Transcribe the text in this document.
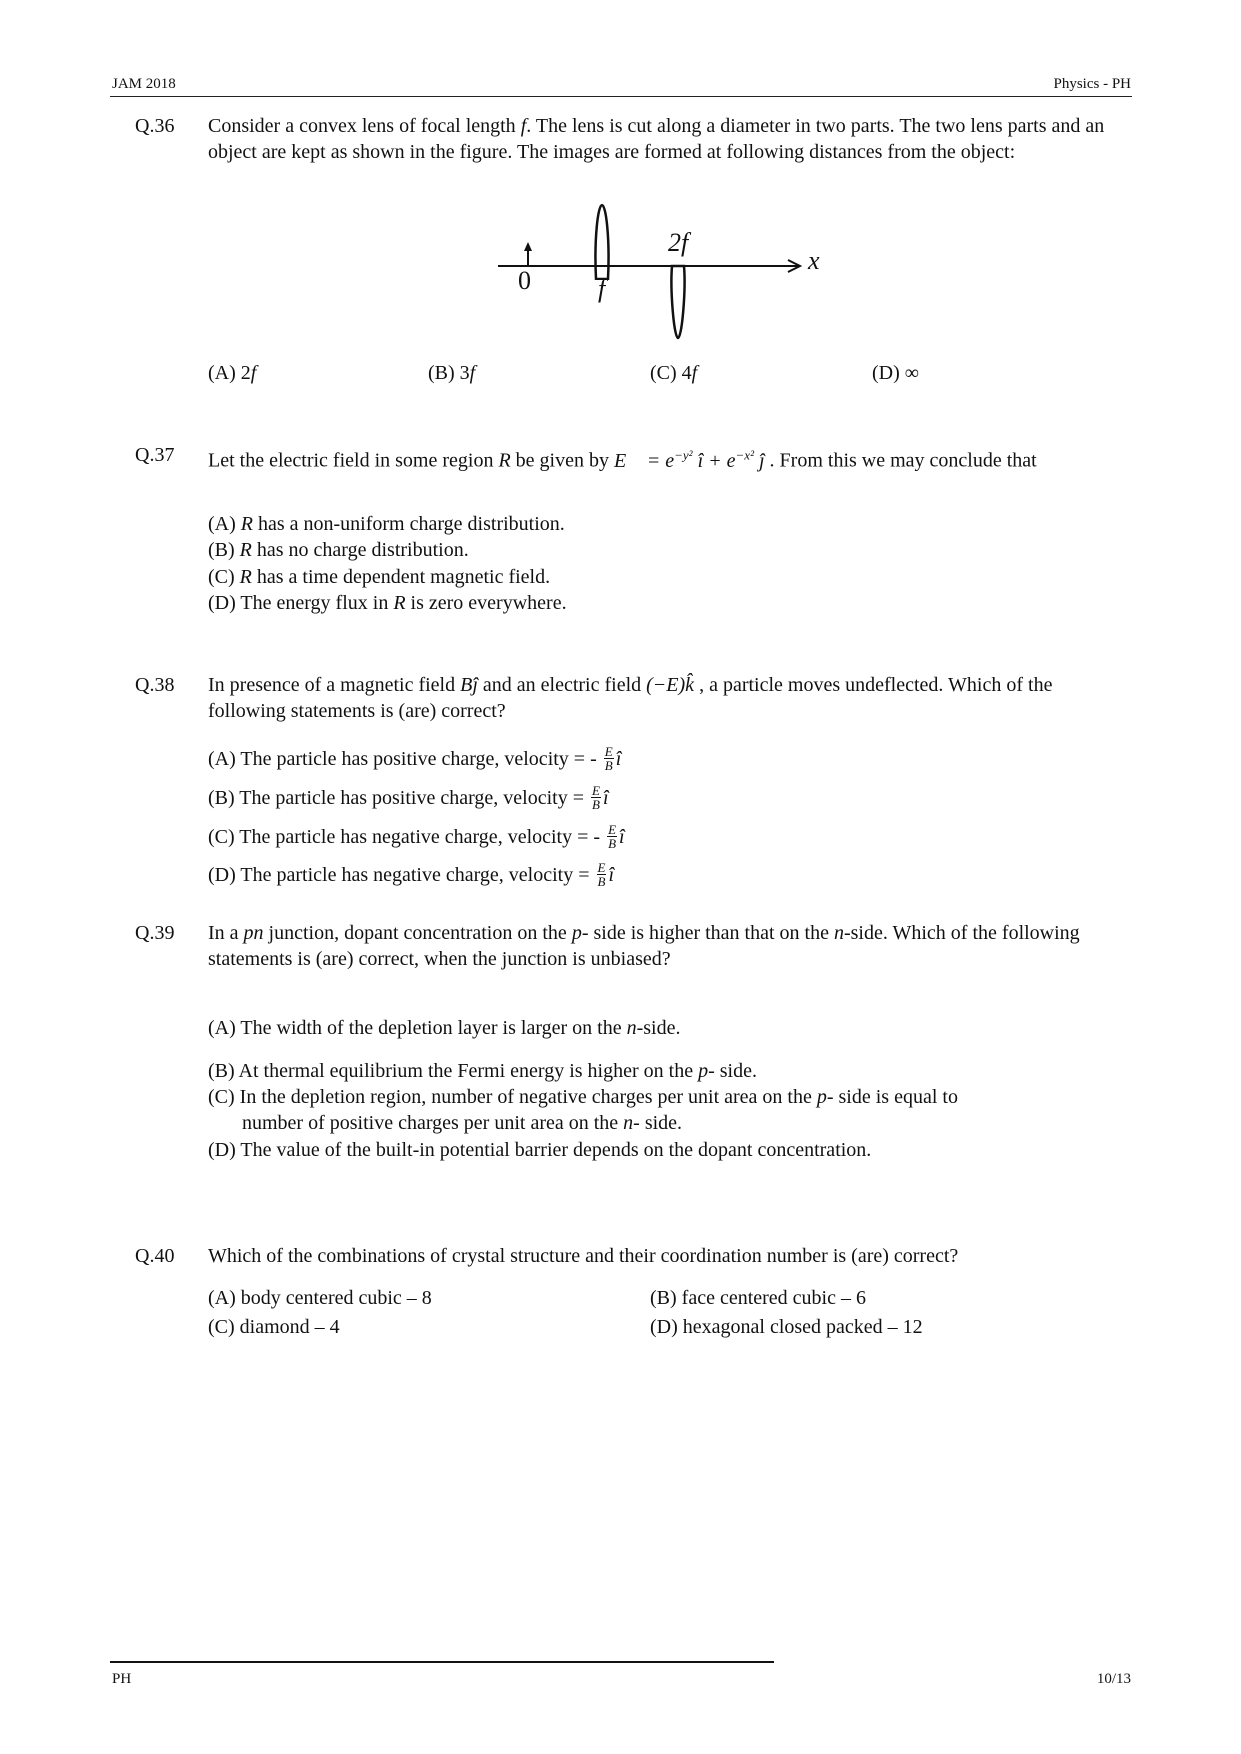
JAM 2018	Physics - PH
Q.36 Consider a convex lens of focal length f. The lens is cut along a diameter in two parts. The two lens parts and an object are kept as shown in the figure. The images are formed at following distances from the object:
0	f
2f
x
(A) 2f	(B) 3f	(C) 4f	(D) ∞
Q.37 Let the electric field in some region R be given by E⃗ = $e^{-y^2}$ î + $e^{-x^2}$ ĵ . From this we may conclude that
(A) R has a non-uniform charge distribution.
(B) R has no charge distribution.
(C) R has a time dependent magnetic field.
(D) The energy flux in R is zero everywhere.
Q.38 In presence of a magnetic field Bĵ and an electric field (−E)k̂ , a particle moves undeflected. Which of the following statements is (are) correct?
(A) The particle has positive charge, velocity = - $\frac{E}{B}$ î
(B) The particle has positive charge, velocity = $\frac{E}{B}$ î
(C) The particle has negative charge, velocity = - $\frac{E}{B}$ î
(D) The particle has negative charge, velocity = $\frac{E}{B}$ î
Q.39 In a pn junction, dopant concentration on the p- side is higher than that on the n-side. Which of the following statements is (are) correct, when the junction is unbiased?
(A) The width of the depletion layer is larger on the n-side.
(B) At thermal equilibrium the Fermi energy is higher on the p- side.
(C) In the depletion region, number of negative charges per unit area on the p- side is equal to
number of positive charges per unit area on the n- side.
(D) The value of the built-in potential barrier depends on the dopant concentration.
Q.40 Which of the combinations of crystal structure and their coordination number is (are) correct?
(A) body centered cubic – 8	(B) face centered cubic – 6
(C) diamond – 4	(D) hexagonal closed packed – 12
PH	10/13
